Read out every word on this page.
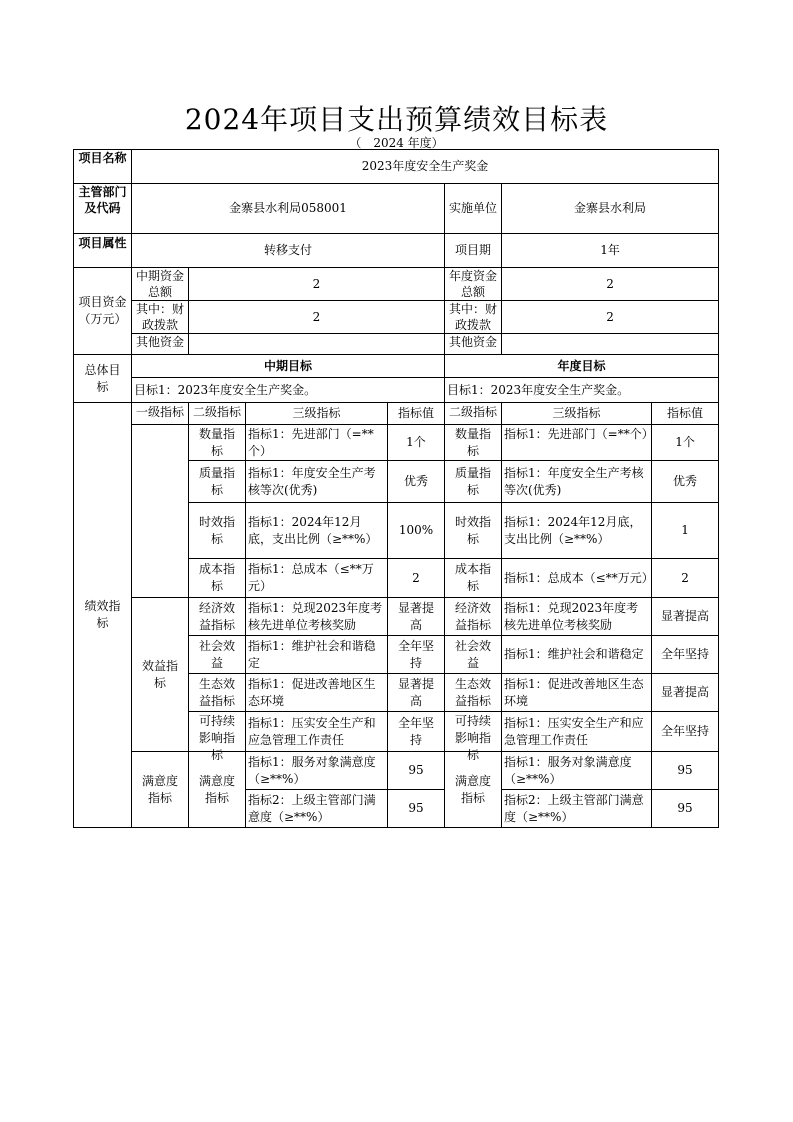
2024年项目支出预算绩效目标表
（　2024 年度）
项目名称	2023年度安全生产奖金						

主管部门及代码	金寨县水利局058001				实施单位	金寨县水利局	

项目属性	转移支付				项目期	1年	
项目资金（万元）	中期资金总额	2			年度资金总额	2	

	其中：财政拨款	2			其中：财政拨款	2	

	其他资金				其他资金		

总体目标	中期目标				年度目标		
	目标1：2023年度安全生产奖金。				目标1：2023年度安全生产奖金。		

绩效指标	一级指标	二级指标	三级指标	指标值	二级指标	三级指标	指标值

		数量指标	指标1：先进部门（=**个）	1个	数量指标	指标1：先进部门（=**个）	1个

		质量指标	指标1：年度安全生产考核等次(优秀)	优秀	质量指标	指标1：年度安全生产考核等次(优秀)	优秀

		时效指标	指标1：2024年12月底，支出比例（≥**%）	100%	时效指标	指标1：2024年12月底，支出比例（≥**%）	1

		成本指标	指标1：总成本（≤**万元）	2	成本指标	指标1：总成本（≤**万元）	2

	效益指标	经济效益指标	指标1：兑现2023年度考核先进单位考核奖励	显著提高	经济效益指标	指标1：兑现2023年度考核先进单位考核奖励	显著提高

		社会效益	指标1：维护社会和谐稳定	全年坚持	社会效益	指标1：维护社会和谐稳定	全年坚持

		生态效益指标	指标1：促进改善地区生态环境	显著提高	生态效益指标	指标1：促进改善地区生态环境	显著提高

		可持续影响指标	指标1：压实安全生产和应急管理工作责任	全年坚持	可持续影响指标	指标1：压实安全生产和应急管理工作责任	全年坚持

	满意度指标	满意度指标	指标1：服务对象满意度（≥**%）	95	满意度指标	指标1：服务对象满意度（≥**%）	95
			指标2：上级主管部门满意度（≥**%）	95		指标2：上级主管部门满意度（≥**%）	95
